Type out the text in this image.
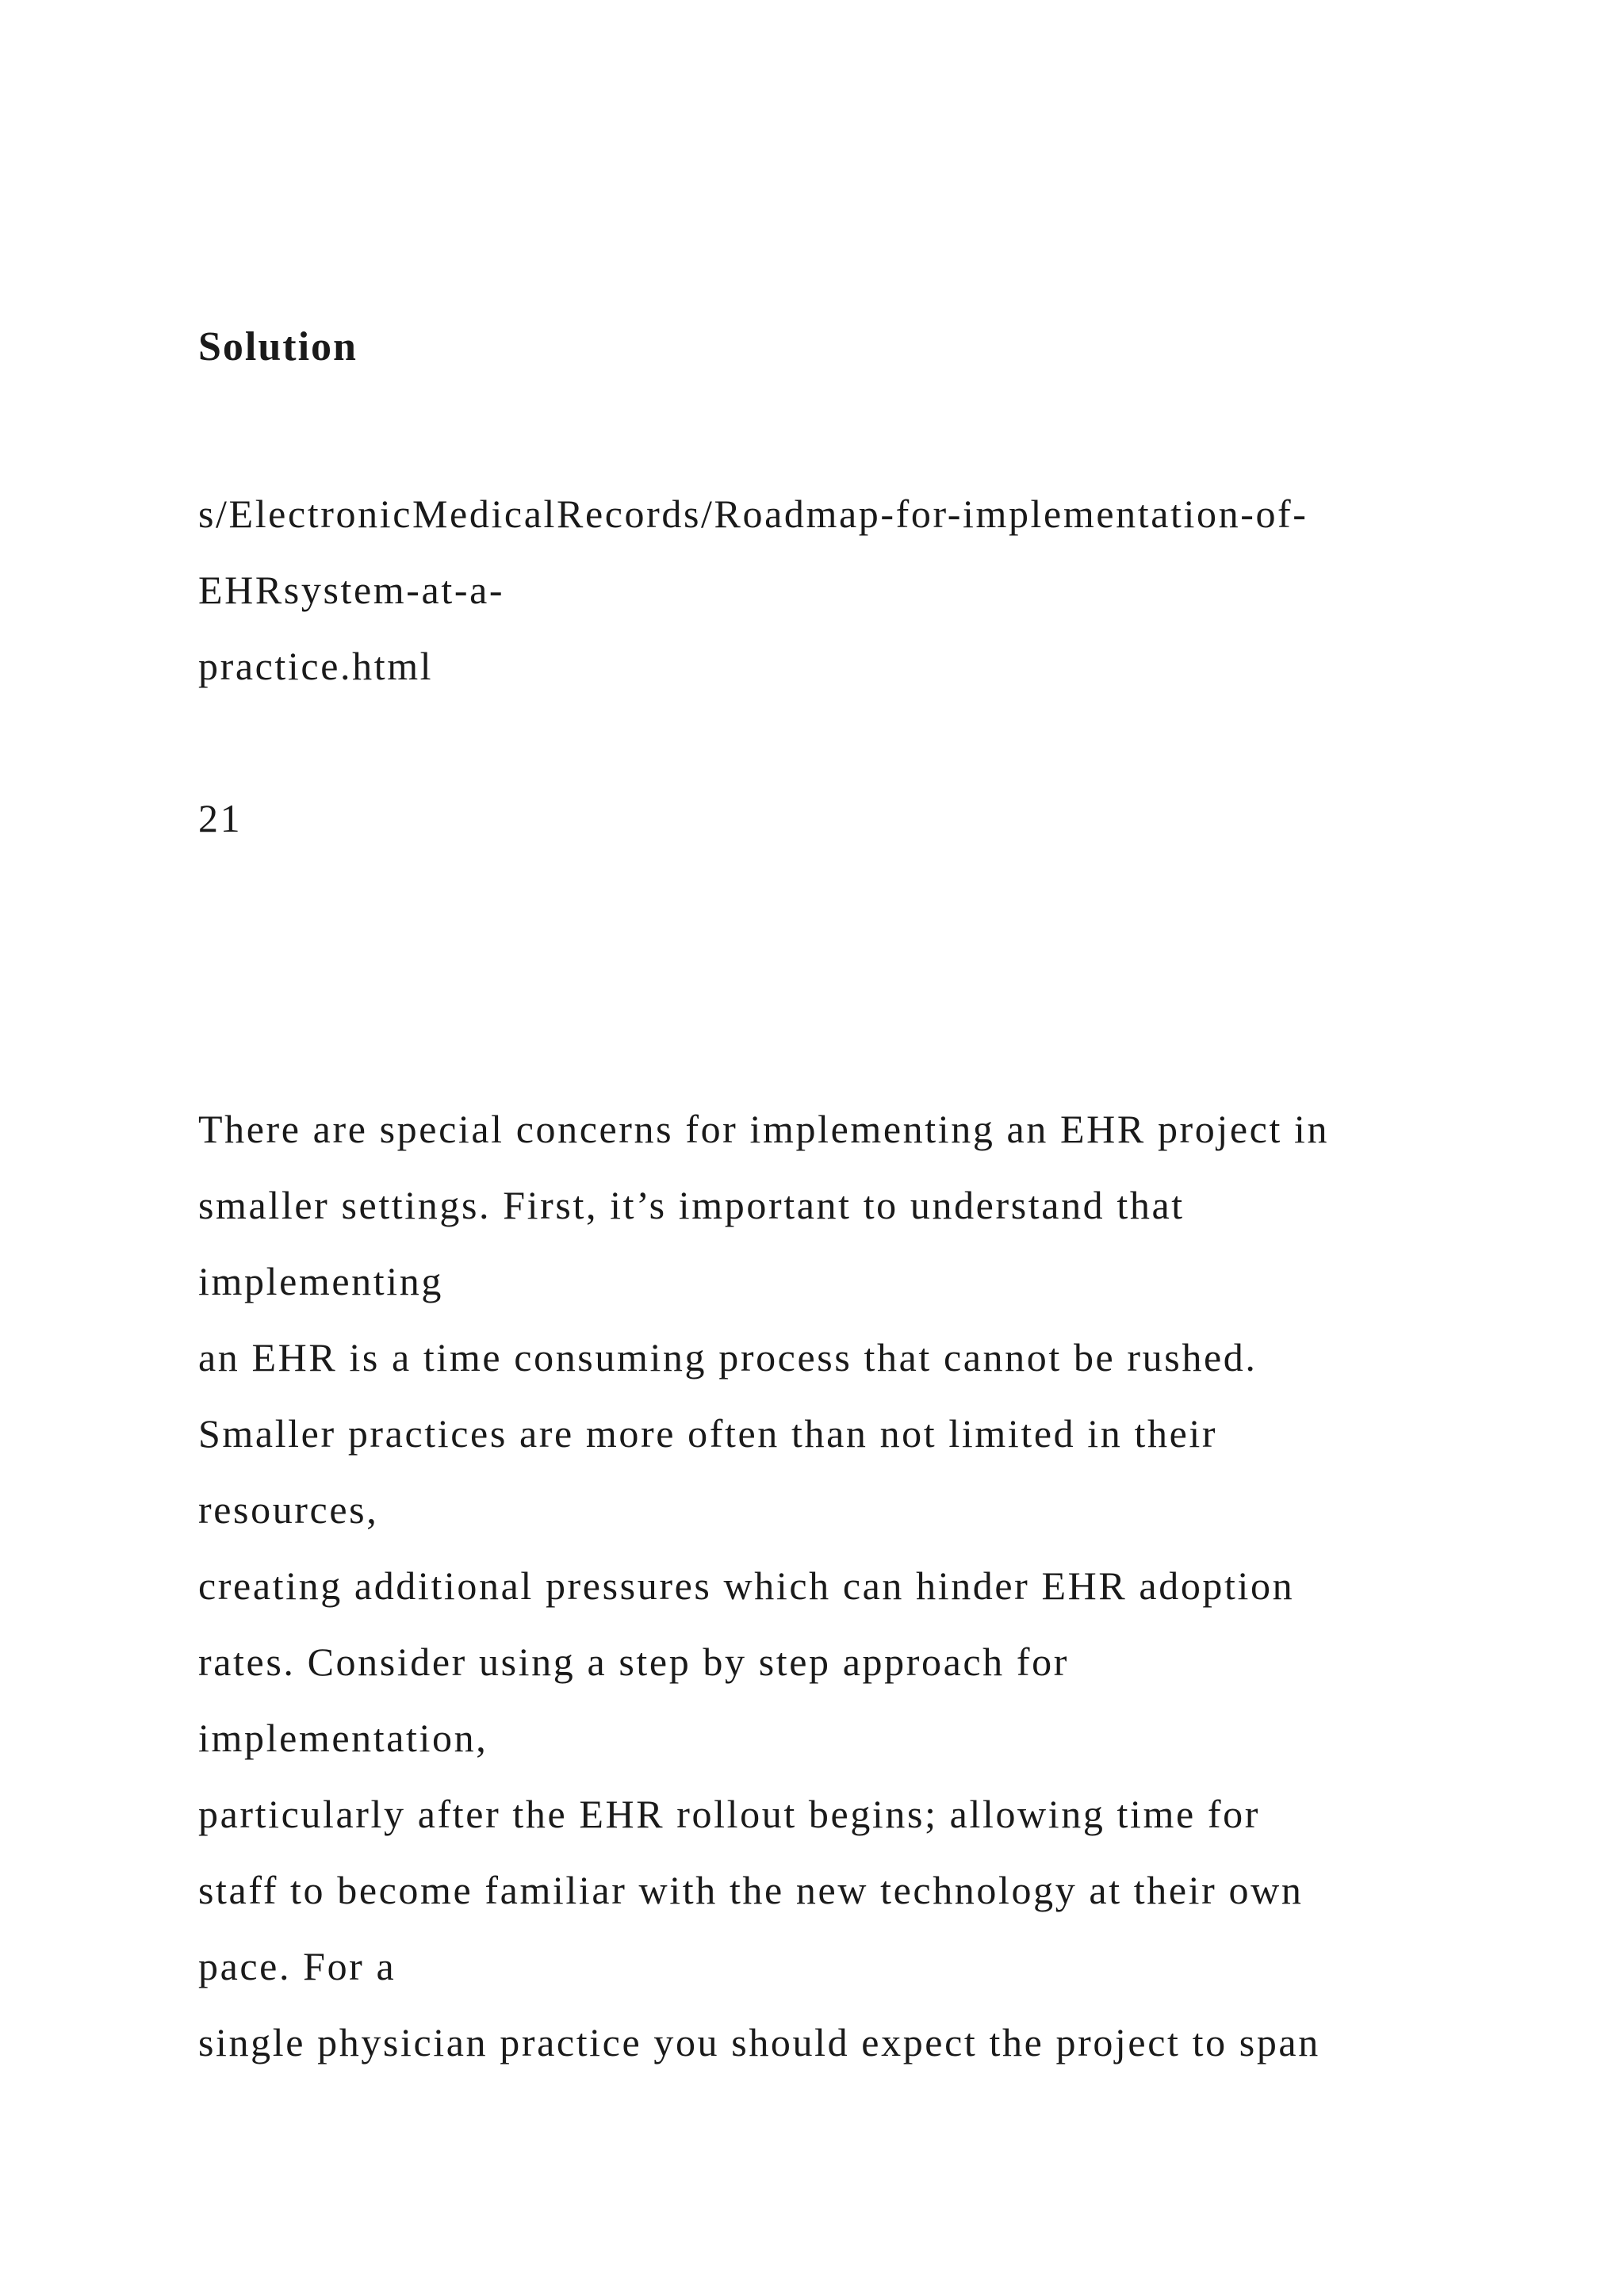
Solution

s/ElectronicMedicalRecords/Roadmap-for-implementation-of-

EHRsystem-at-a-

practice.html

21

There are special concerns for implementing an EHR project in

smaller settings. First, it’s important to understand that

implementing

an EHR is a time consuming process that cannot be rushed.

Smaller practices are more often than not limited in their

resources,

creating additional pressures which can hinder EHR adoption

rates. Consider using a step by step approach for

implementation,

particularly after the EHR rollout begins; allowing time for

staff to become familiar with the new technology at their own

pace. For a

single physician practice you should expect the project to span
